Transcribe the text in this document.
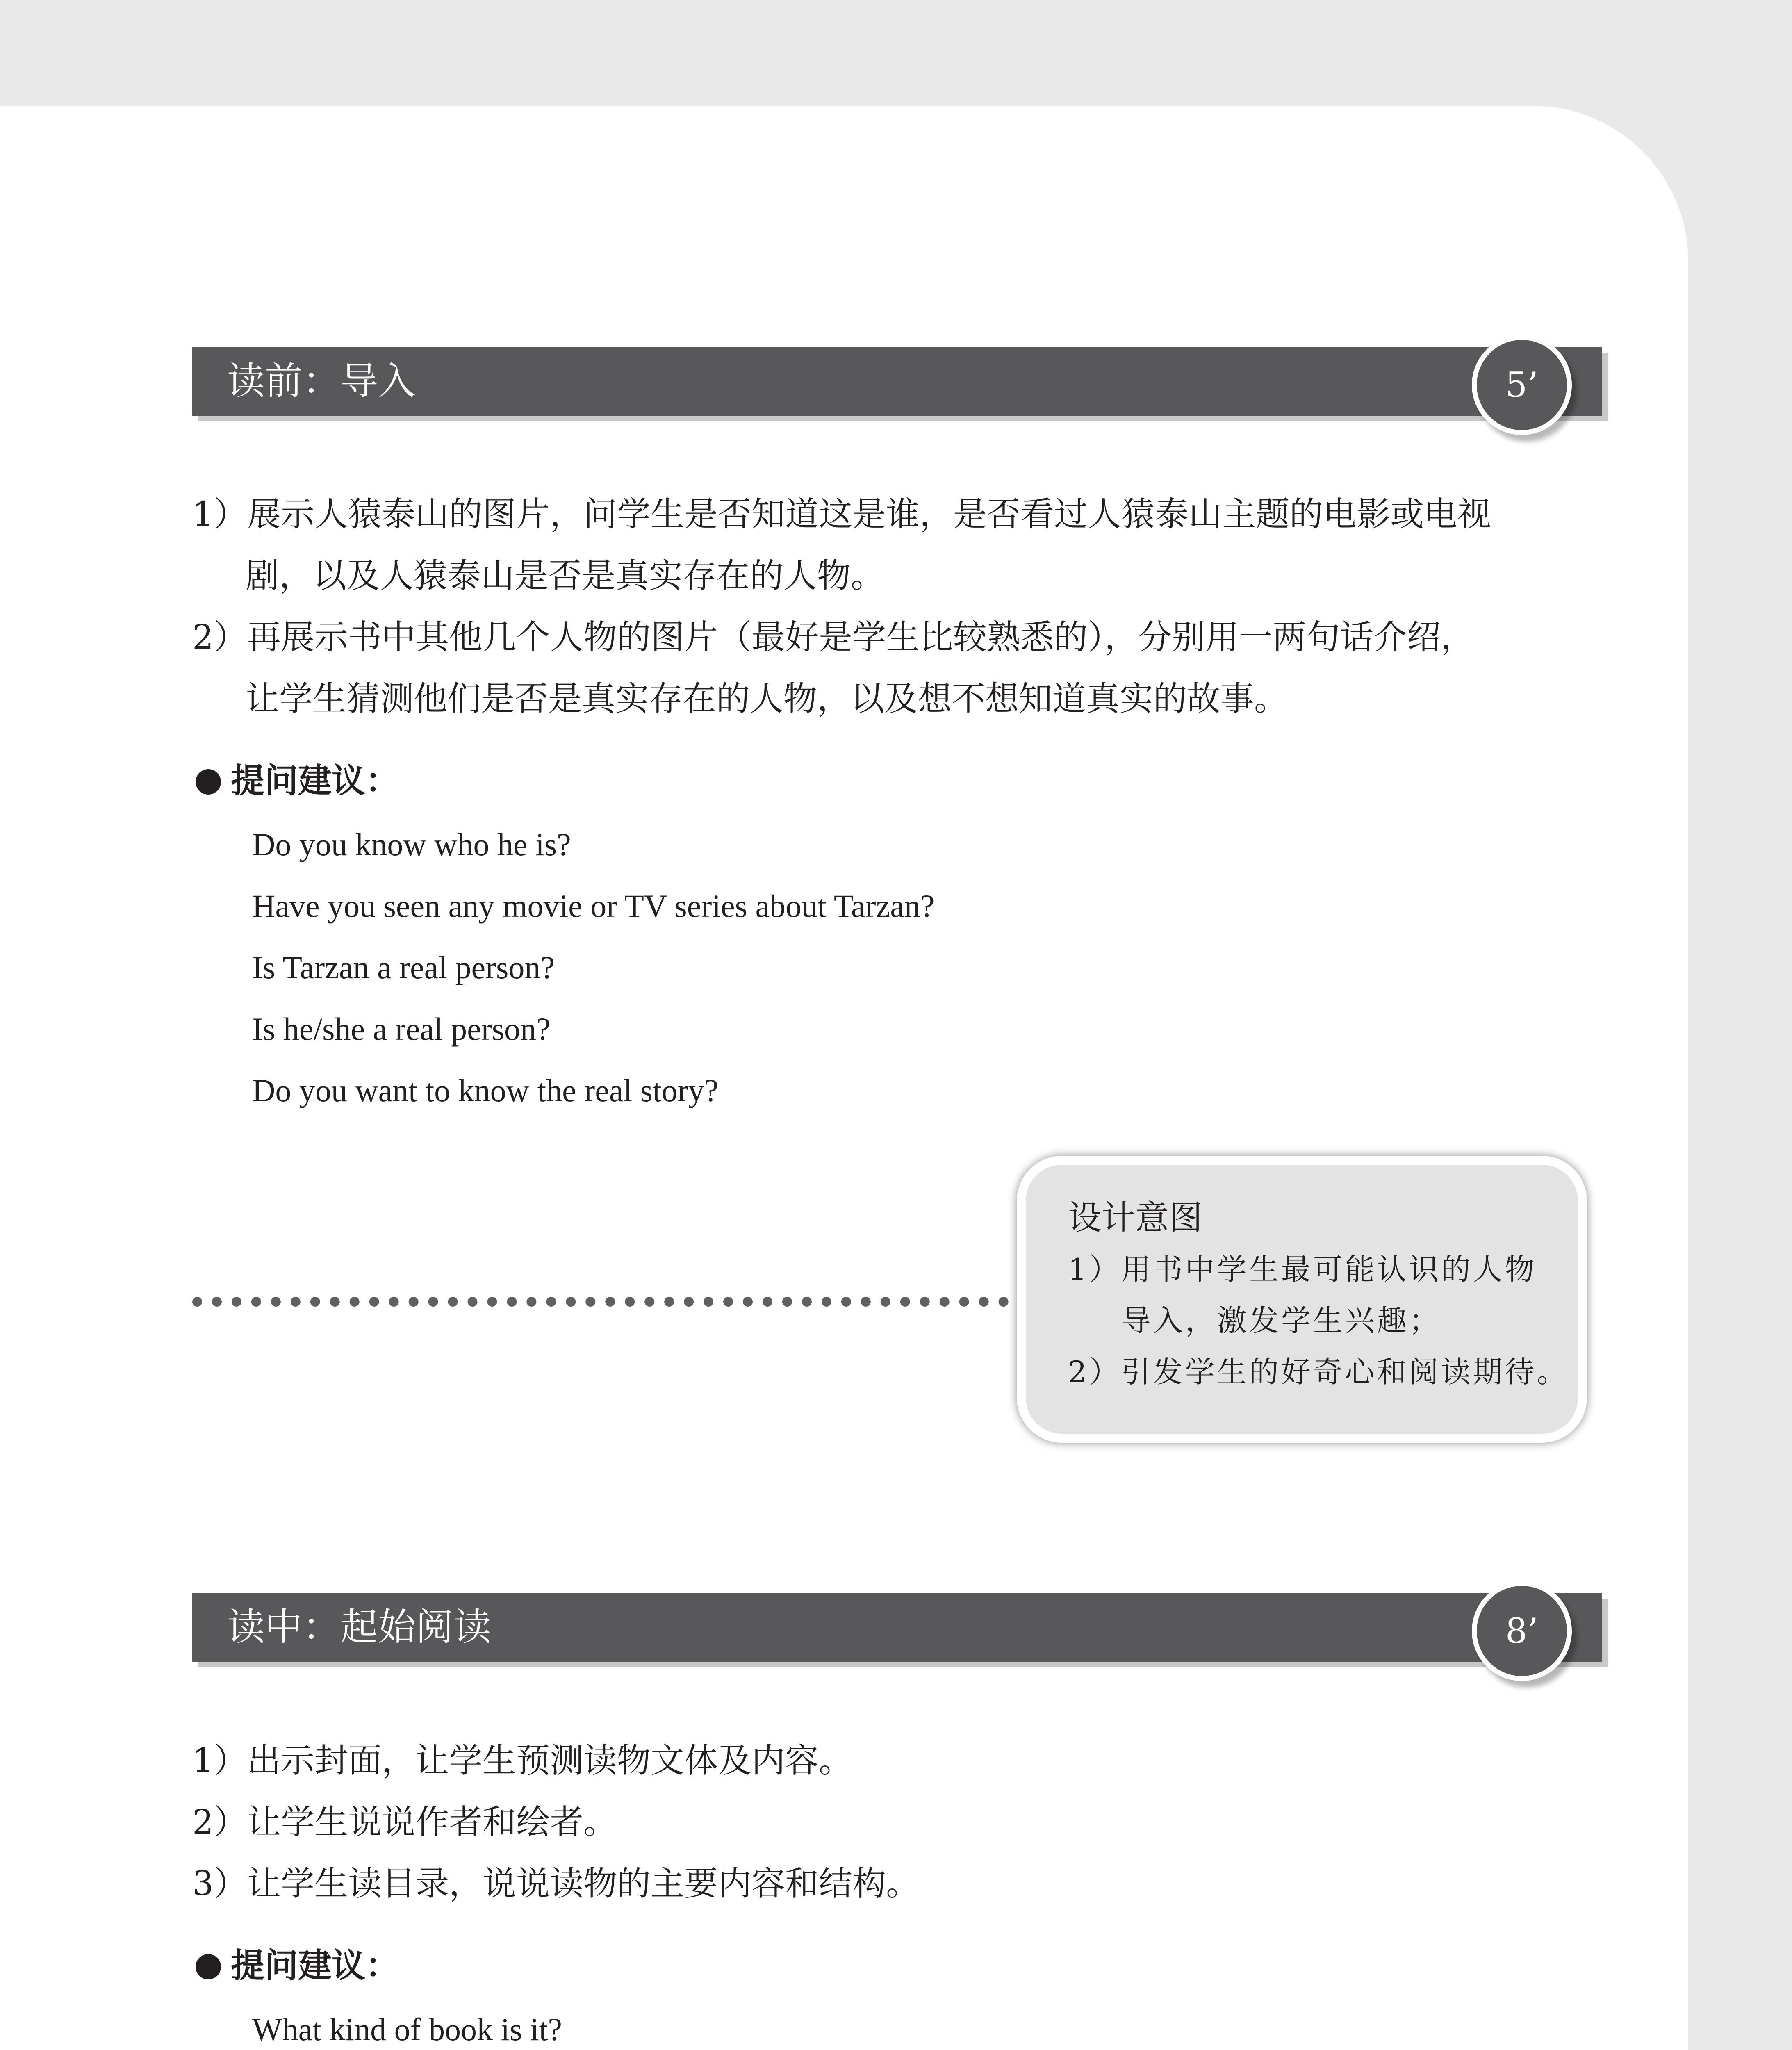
读前：导入	5’
1）展示人猿泰山的图片，问学生是否知道这是谁，是否看过人猿泰山主题的电影或电视
剧，以及人猿泰山是否是真实存在的人物。
2）再展示书中其他几个人物的图片（最好是学生比较熟悉的），分别用一两句话介绍，
让学生猜测他们是否是真实存在的人物，以及想不想知道真实的故事。
提问建议：
Do you know who he is?
Have you seen any movie or TV series about Tarzan?
Is Tarzan a real person?
Is he/she a real person?
Do you want to know the real story?
设计意图
1）用书中学生最可能认识的人物
导入，激发学生兴趣；
2）引发学生的好奇心和阅读期待。
读中：起始阅读	8’
1）出示封面，让学生预测读物文体及内容。
2）让学生说说作者和绘者。
3）让学生读目录，说说读物的主要内容和结构。
提问建议：
What kind of book is it?
